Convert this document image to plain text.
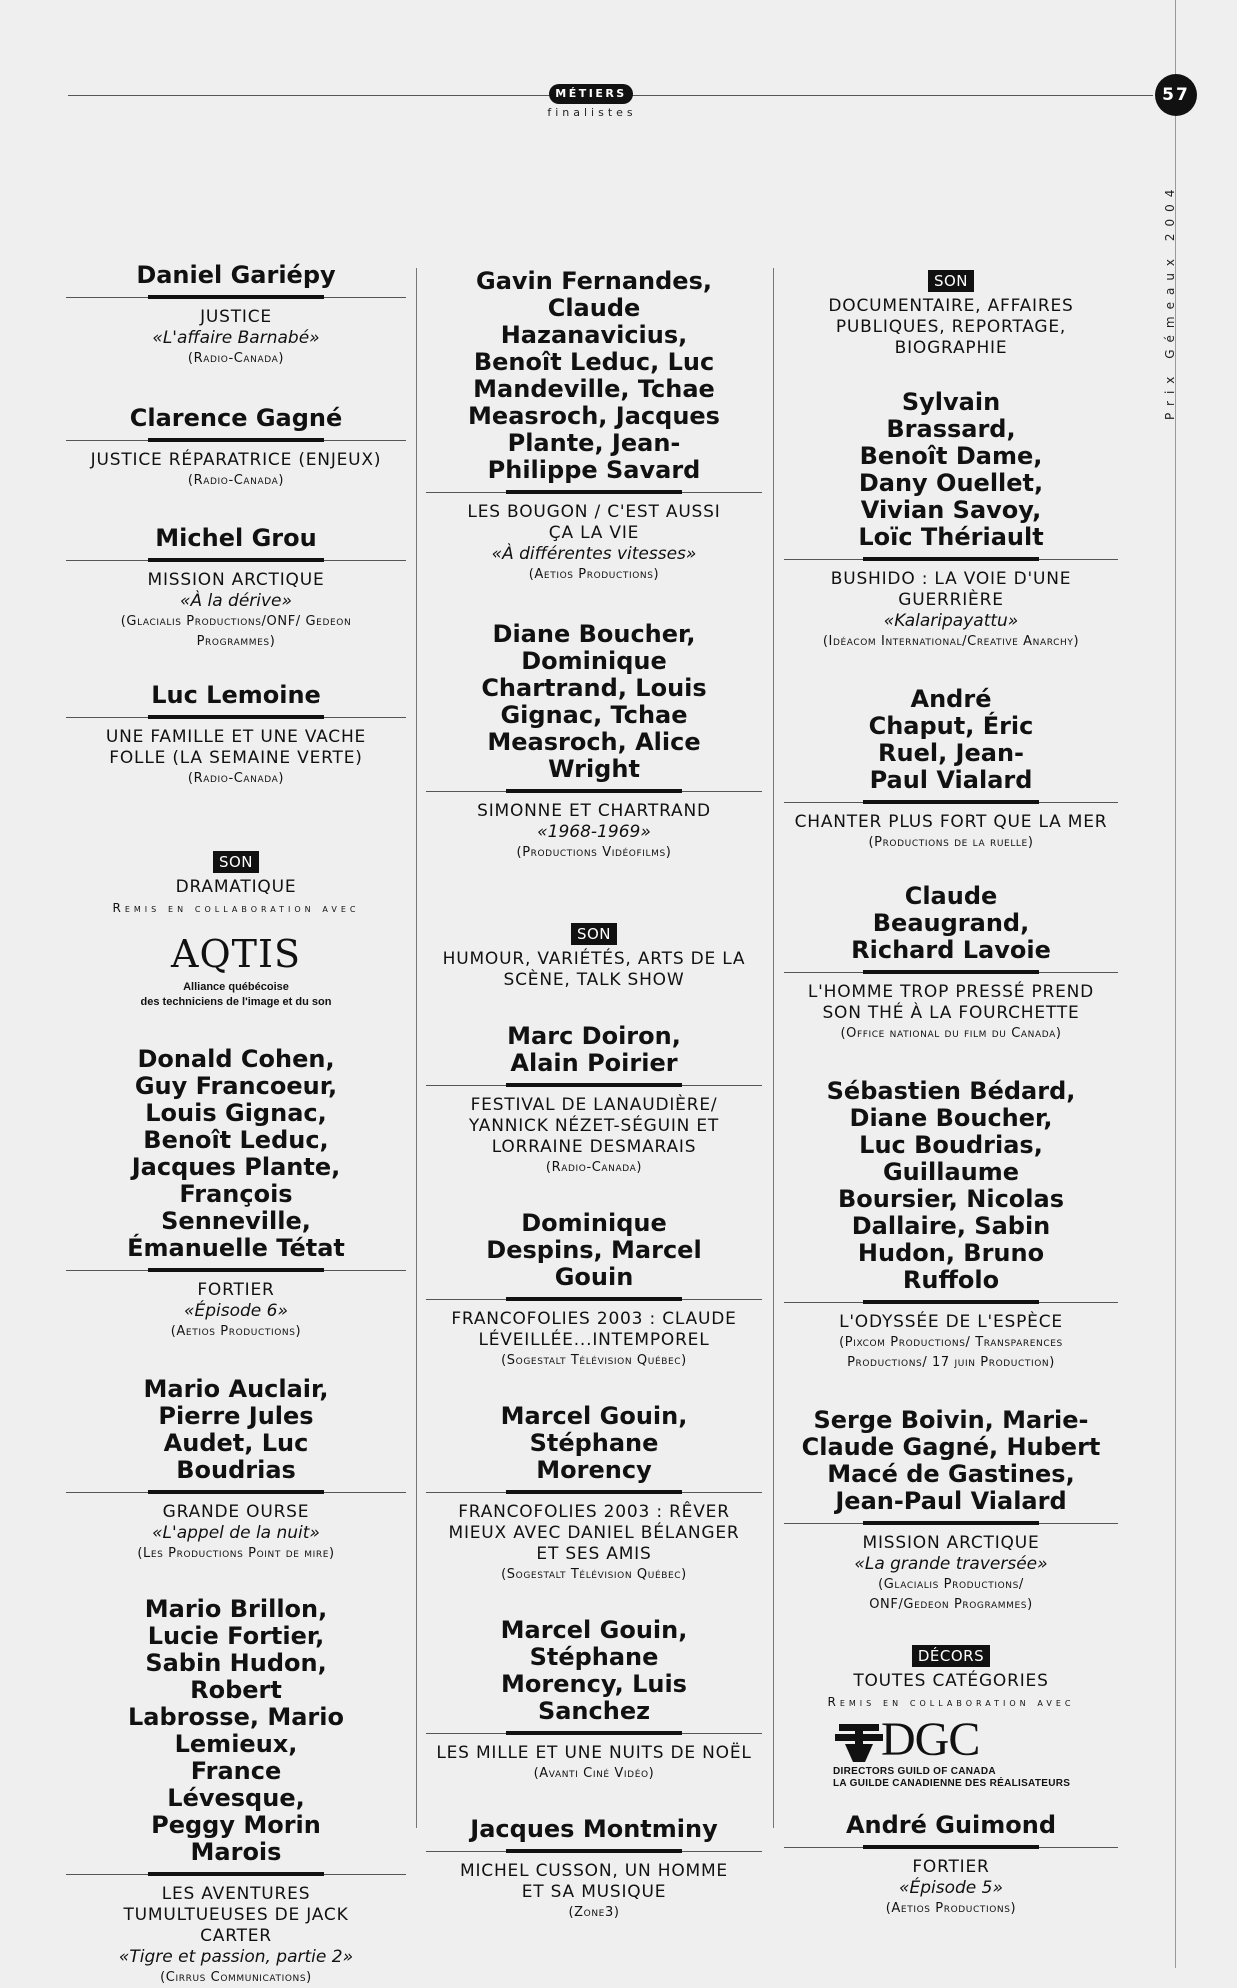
MÉTIERS
finalistes
57
Prix Gémeaux 2004
Daniel Gariépy
JUSTICE
«L'affaire Barnabé»
(Radio-Canada)
Clarence Gagné
JUSTICE RÉPARATRICE (ENJEUX)
(Radio-Canada)
Michel Grou
MISSION ARCTIQUE
«À la dérive»
(Glacialis Productions/ONF/ Gedeon Programmes)
Luc Lemoine
UNE FAMILLE ET UNE VACHE FOLLE (LA SEMAINE VERTE)
(Radio-Canada)
SON
DRAMATIQUE
Remis en collaboration avec
AQTIS
Alliance québécoise
des techniciens de l'image et du son
Donald Cohen, Guy Francoeur, Louis Gignac, Benoît Leduc, Jacques Plante, François Senneville, Émanuelle Tétat
FORTIER
«Épisode 6»
(Aetios Productions)
Mario Auclair, Pierre Jules Audet, Luc Boudrias
GRANDE OURSE
«L'appel de la nuit»
(Les Productions Point de mire)
Mario Brillon, Lucie Fortier, Sabin Hudon, Robert Labrosse, Mario Lemieux, France Lévesque, Peggy Morin Marois
LES AVENTURES TUMULTUEUSES DE JACK CARTER
«Tigre et passion, partie 2»
(Cirrus Communications)
Gavin Fernandes, Claude Hazanavicius, Benoît Leduc, Luc Mandeville, Tchae Measroch, Jacques Plante, Jean-Philippe Savard
LES BOUGON / C'EST AUSSI ÇA LA VIE
«À différentes vitesses»
(Aetios Productions)
Diane Boucher, Dominique Chartrand, Louis Gignac, Tchae Measroch, Alice Wright
SIMONNE ET CHARTRAND
«1968-1969»
(Productions Vidéofilms)
SON
HUMOUR, VARIÉTÉS, ARTS DE LA SCÈNE, TALK SHOW
Marc Doiron, Alain Poirier
FESTIVAL DE LANAUDIÈRE/ YANNICK NÉZET-SÉGUIN ET LORRAINE DESMARAIS
(Radio-Canada)
Dominique Despins, Marcel Gouin
FRANCOFOLIES 2003 : CLAUDE LÉVEILLÉE...INTEMPOREL
(Sogestalt Télévision Québec)
Marcel Gouin, Stéphane Morency
FRANCOFOLIES 2003 : RÊVER MIEUX AVEC DANIEL BÉLANGER ET SES AMIS
(Sogestalt Télévision Québec)
Marcel Gouin, Stéphane Morency, Luis Sanchez
LES MILLE ET UNE NUITS DE NOËL
(Avanti Ciné Vidéo)
Jacques Montminy
MICHEL CUSSON, UN HOMME ET SA MUSIQUE
(Zone3)
SON
DOCUMENTAIRE, AFFAIRES PUBLIQUES, REPORTAGE, BIOGRAPHIE
Sylvain Brassard, Benoît Dame, Dany Ouellet, Vivian Savoy, Loïc Thériault
BUSHIDO : LA VOIE D'UNE GUERRIÈRE
«Kalaripayattu»
(Idéacom International/Creative Anarchy)
André Chaput, Éric Ruel, Jean-Paul Vialard
CHANTER PLUS FORT QUE LA MER
(Productions de la ruelle)
Claude Beaugrand, Richard Lavoie
L'HOMME TROP PRESSÉ PREND SON THÉ À LA FOURCHETTE
(Office national du film du Canada)
Sébastien Bédard, Diane Boucher, Luc Boudrias, Guillaume Boursier, Nicolas Dallaire, Sabin Hudon, Bruno Ruffolo
L'ODYSSÉE DE L'ESPÈCE
(Pixcom Productions/ Transparences Productions/ 17 juin Production)
Serge Boivin, Marie-Claude Gagné, Hubert Macé de Gastines, Jean-Paul Vialard
MISSION ARCTIQUE
«La grande traversée»
(Glacialis Productions/ ONF/Gedeon Programmes)
DÉCORS
TOUTES CATÉGORIES
Remis en collaboration avec
DGC
DIRECTORS GUILD OF CANADA
LA GUILDE CANADIENNE DES RÉALISATEURS
André Guimond
FORTIER
«Épisode 5»
(Aetios Productions)
